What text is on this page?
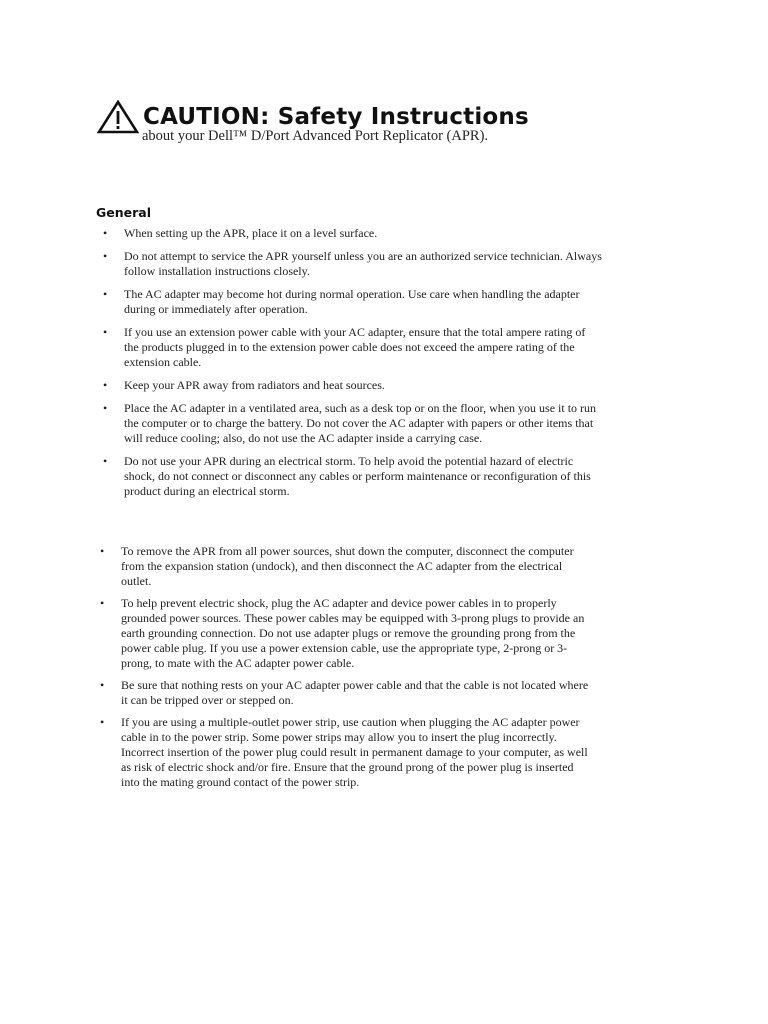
CAUTION: Safety Instructions
about your Dell™ D/Port Advanced Port Replicator (APR).
General
• When setting up the APR, place it on a level surface.
• Do not attempt to service the APR yourself unless you are an authorized service technician. Always follow installation instructions closely.
• The AC adapter may become hot during normal operation. Use care when handling the adapter during or immediately after operation.
• If you use an extension power cable with your AC adapter, ensure that the total ampere rating of the products plugged in to the extension power cable does not exceed the ampere rating of the extension cable.
• Keep your APR away from radiators and heat sources.
• Place the AC adapter in a ventilated area, such as a desk top or on the floor, when you use it to run the computer or to charge the battery. Do not cover the AC adapter with papers or other items that will reduce cooling; also, do not use the AC adapter inside a carrying case.
• Do not use your APR during an electrical storm. To help avoid the potential hazard of electric shock, do not connect or disconnect any cables or perform maintenance or reconfiguration of this product during an electrical storm.
• To remove the APR from all power sources, shut down the computer, disconnect the computer from the expansion station (undock), and then disconnect the AC adapter from the electrical outlet.
• To help prevent electric shock, plug the AC adapter and device power cables in to properly grounded power sources. These power cables may be equipped with 3-prong plugs to provide an earth grounding connection. Do not use adapter plugs or remove the grounding prong from the power cable plug. If you use a power extension cable, use the appropriate type, 2-prong or 3-prong, to mate with the AC adapter power cable.
• Be sure that nothing rests on your AC adapter power cable and that the cable is not located where it can be tripped over or stepped on.
• If you are using a multiple-outlet power strip, use caution when plugging the AC adapter power cable in to the power strip. Some power strips may allow you to insert the plug incorrectly. Incorrect insertion of the power plug could result in permanent damage to your computer, as well as risk of electric shock and/or fire. Ensure that the ground prong of the power plug is inserted into the mating ground contact of the power strip.
